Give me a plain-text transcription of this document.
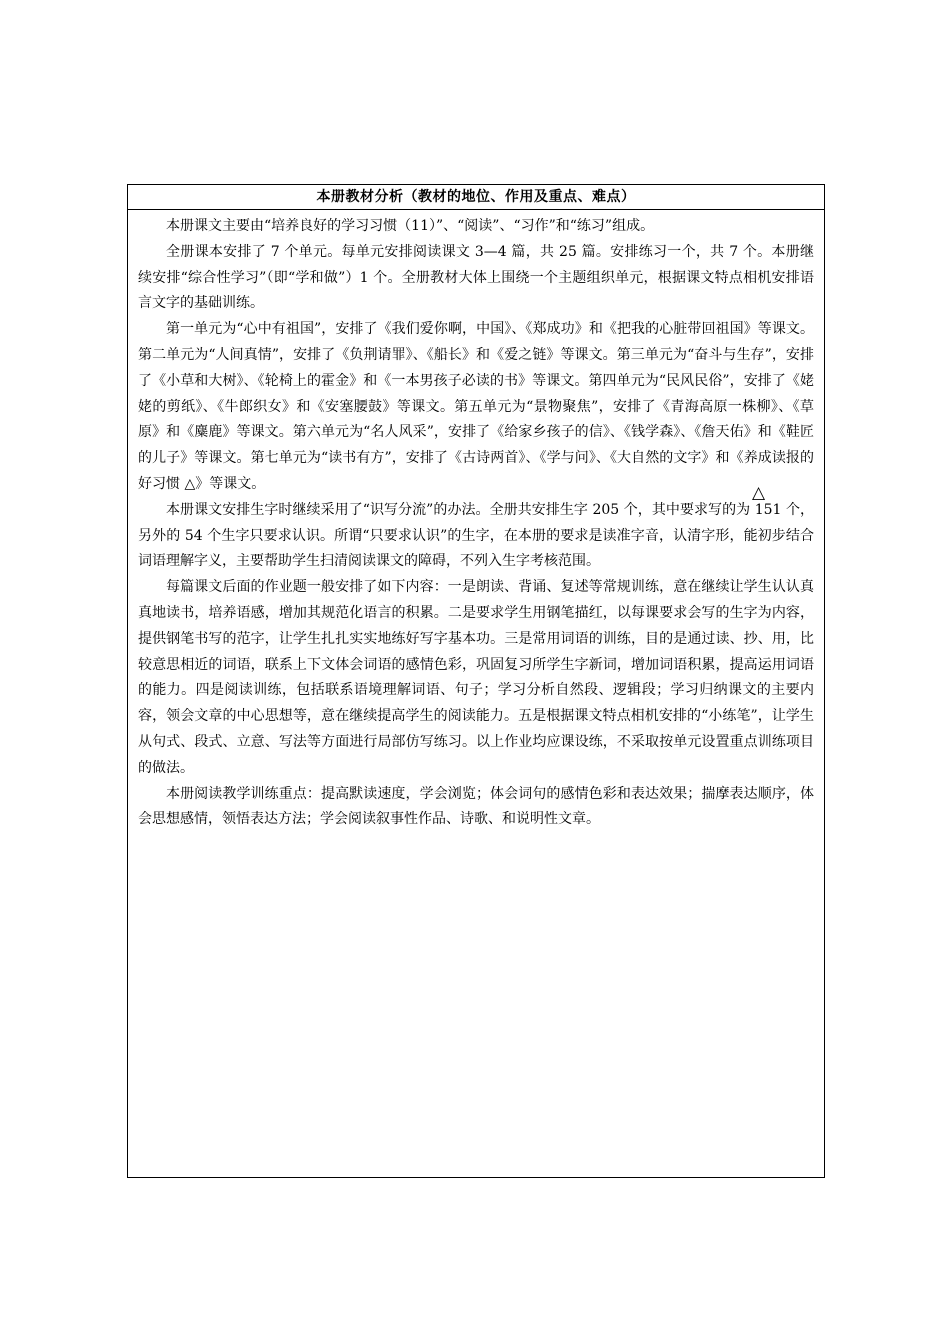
本册教材分析（教材的地位、作用及重点、难点）

本册课文主要由“培养良好的学习习惯（11）”、“阅读”、“习作”和“练习”组成。

全册课本安排了 7 个单元。每单元安排阅读课文 3—4 篇，共 25 篇。安排练习一个，共 7 个。本册继续安排“综合性学习”（即“学和做”）1 个。全册教材大体上围绕一个主题组织单元，根据课文特点相机安排语言文字的基础训练。

第一单元为“心中有祖国”，安排了《我们爱你啊，中国》、《郑成功》和《把我的心脏带回祖国》等课文。第二单元为“人间真情”，安排了《负荆请罪》、《船长》和《爱之链》等课文。第三单元为“奋斗与生存”，安排了《小草和大树》、《轮椅上的霍金》和《一本男孩子必读的书》等课文。第四单元为“民风民俗”，安排了《姥姥的剪纸》、《牛郎织女》和《安塞腰鼓》等课文。第五单元为“景物聚焦”，安排了《青海高原一株柳》、《草原》和《麋鹿》等课文。第六单元为“名人风采”，安排了《给家乡孩子的信》、《钱学森》、《詹天佑》和《鞋匠的儿子》等课文。第七单元为“读书有方”，安排了《古诗两首》、《学与问》、《大自然的文字》和《养成读报的好习惯 △》等课文。

本册课文安排生字时继续采用了“识写分流”的办法。全册共安排生字 205 个，其中要求写的为 151 个，另外的 54 个生字只要求认识。所谓“只要求认识”的生字，在本册的要求是读准字音，认清字形，能初步结合词语理解字义，主要帮助学生扫清阅读课文的障碍，不列入生字考核范围。

每篇课文后面的作业题一般安排了如下内容：一是朗读、背诵、复述等常规训练，意在继续让学生认认真真地读书，培养语感，增加其规范化语言的积累。二是要求学生用钢笔描红，以每课要求会写的生字为内容，提供钢笔书写的范字，让学生扎扎实实地练好写字基本功。三是常用词语的训练，目的是通过读、抄、用，比较意思相近的词语，联系上下文体会词语的感情色彩，巩固复习所学生字新词，增加词语积累，提高运用词语的能力。四是阅读训练，包括联系语境理解词语、句子；学习分析自然段、逻辑段；学习归纳课文的主要内容，领会文章的中心思想等，意在继续提高学生的阅读能力。五是根据课文特点相机安排的“小练笔”，让学生从句式、段式、立意、写法等方面进行局部仿写练习。以上作业均应课设练，不采取按单元设置重点训练项目的做法。

本册阅读教学训练重点：提高默读速度，学会浏览；体会词句的感情色彩和表达效果；揣摩表达顺序，体会思想感情，领悟表达方法；学会阅读叙事性作品、诗歌、和说明性文章。

△
